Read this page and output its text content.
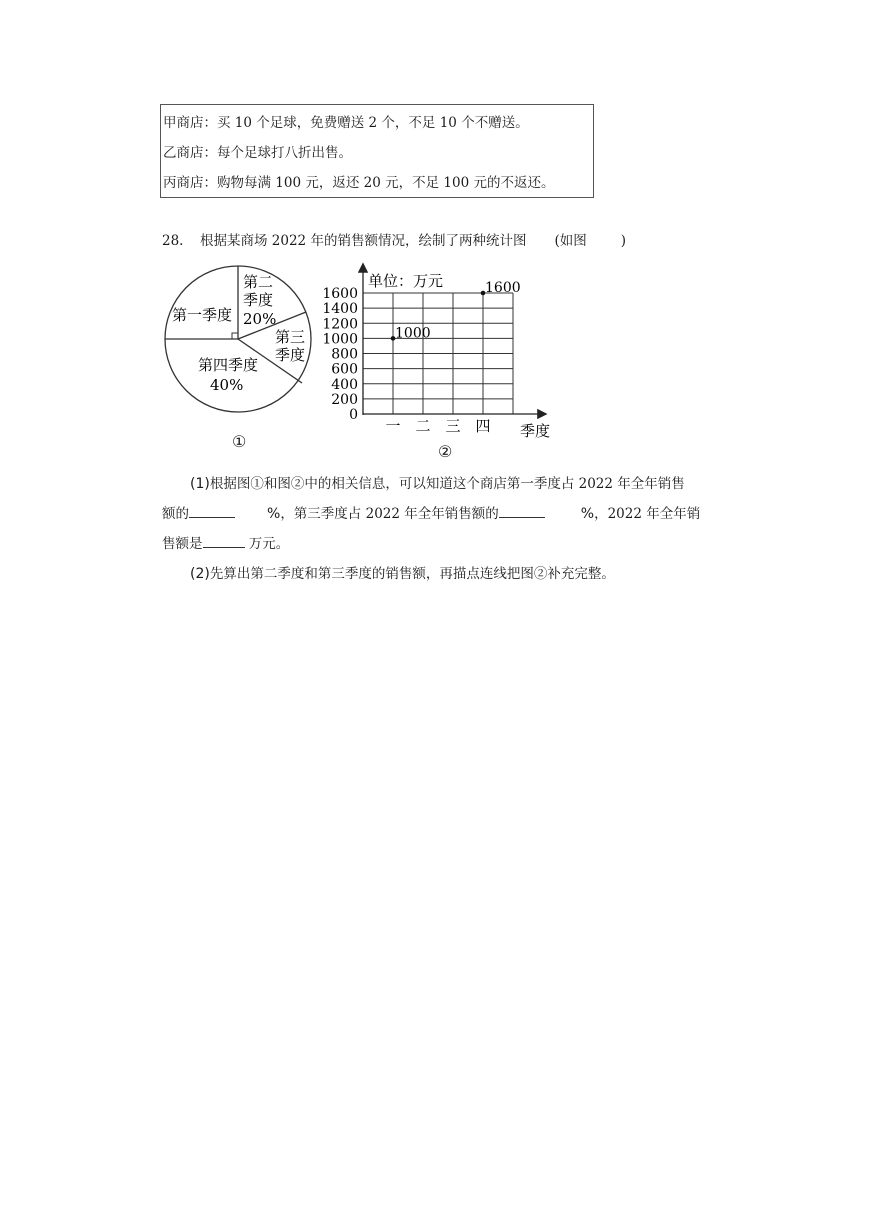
甲商店：买 10 个足球，免费赠送 2 个，不足 10 个不赠送。
乙商店：每个足球打八折出售。
丙商店：购物每满 100 元，返还 20 元，不足 100 元的不返还。
28. 根据某商场 2022 年的销售额情况，绘制了两种统计图 (如图	)
第一季度
第二
季度
20%
第三
季度
第四季度
40%
①
单位：万元
季度
0
200
400
600
800
1000
1200
1400
1600
一 二 三 四
1000
1600
②
(1)根据图①和图②中的相关信息，可以知道这个商店第一季度占 2022 年全年销售
额的	%，第三季度占 2022 年全年销售额的	%，2022 年全年销
售额是	万元。
(2)先算出第二季度和第三季度的销售额，再描点连线把图②补充完整。
